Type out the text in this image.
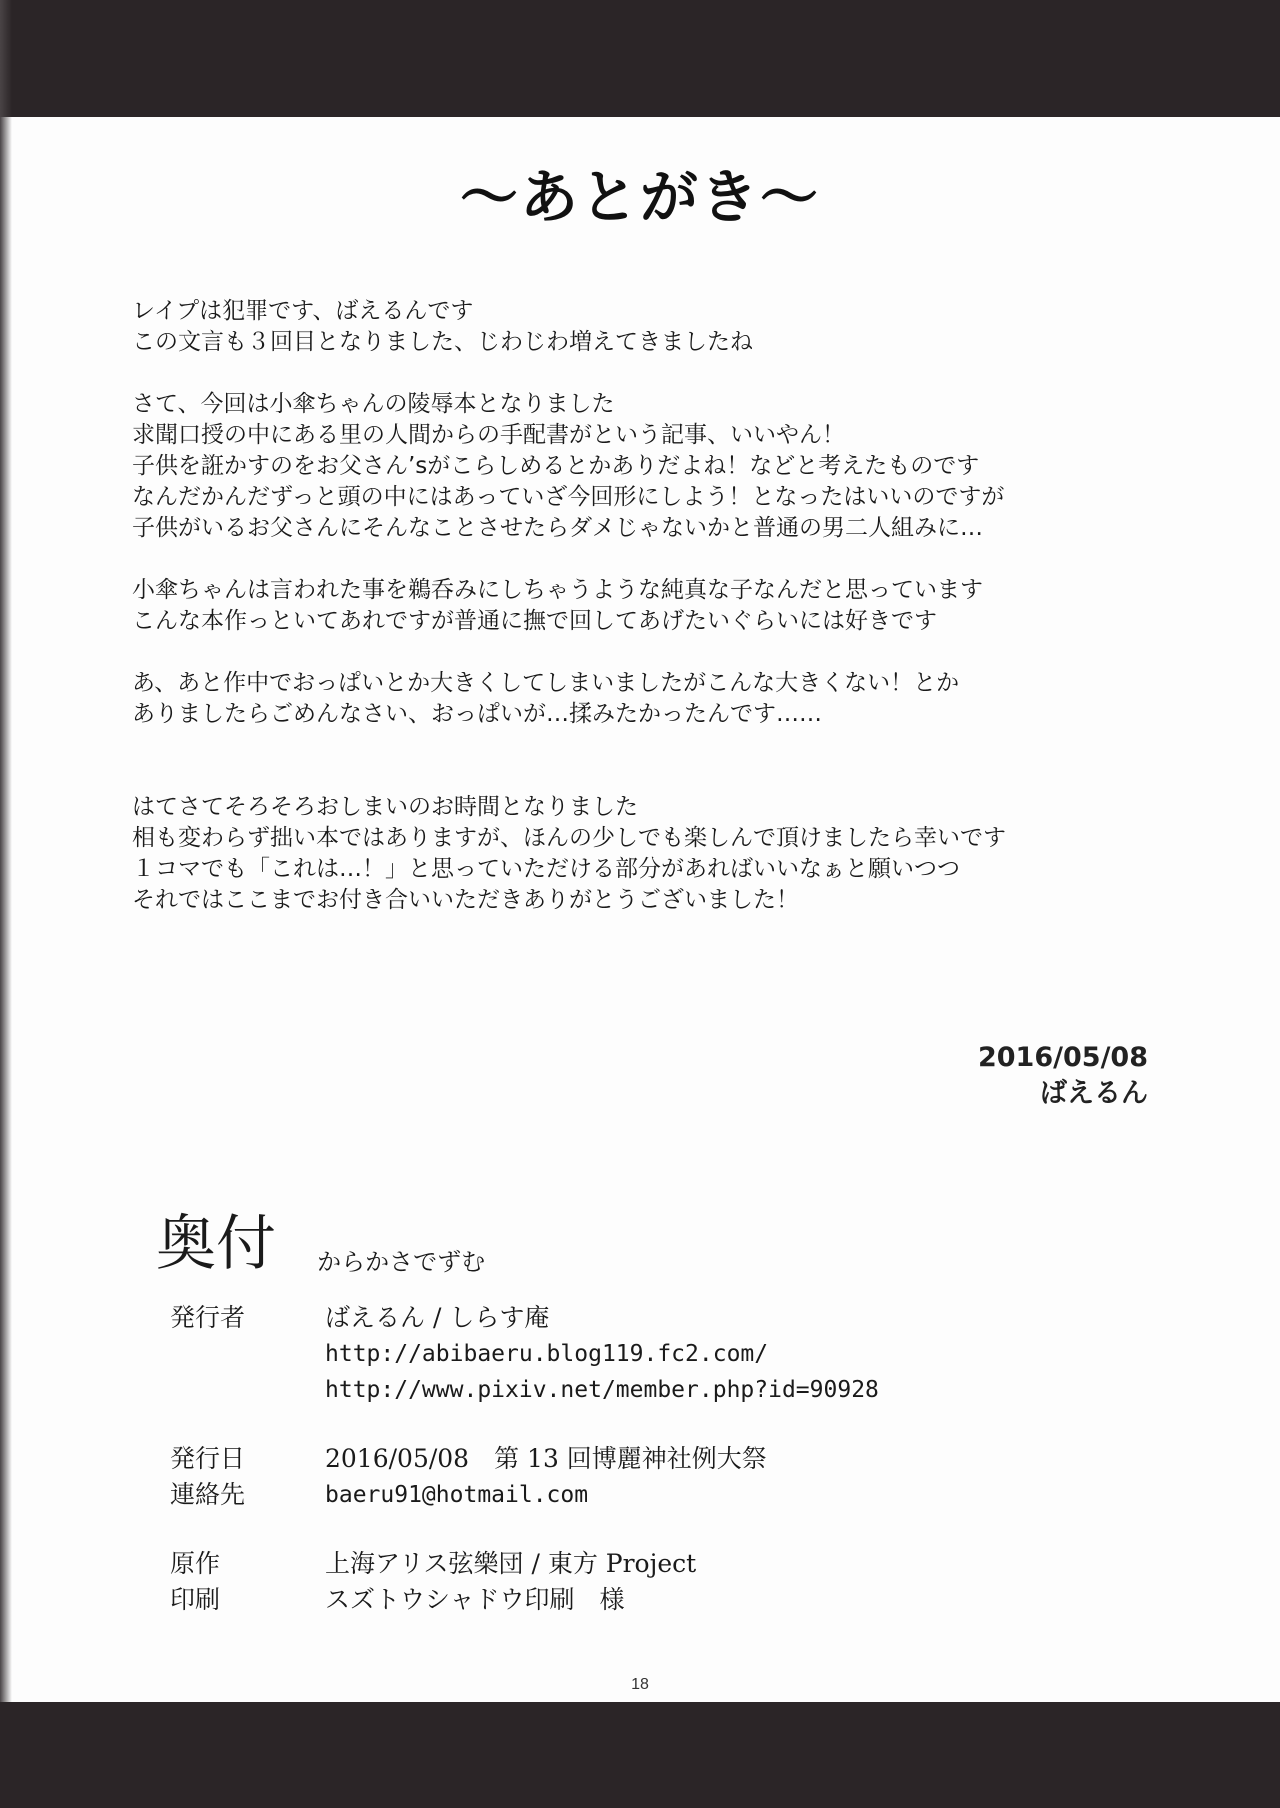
〜あとがき〜

レイプは犯罪です、ばえるんです
この文言も３回目となりました、じわじわ増えてきましたね

さて、今回は小傘ちゃんの陵辱本となりました
求聞口授の中にある里の人間からの手配書がという記事、いいやん！
子供を誑かすのをお父さん’sがこらしめるとかありだよね！などと考えたものです
なんだかんだずっと頭の中にはあっていざ今回形にしよう！となったはいいのですが
子供がいるお父さんにそんなことさせたらダメじゃないかと普通の男二人組みに…

小傘ちゃんは言われた事を鵜呑みにしちゃうような純真な子なんだと思っています
こんな本作っといてあれですが普通に撫で回してあげたいぐらいには好きです

あ、あと作中でおっぱいとか大きくしてしまいましたがこんな大きくない！とか
ありましたらごめんなさい、おっぱいが…揉みたかったんです……

はてさてそろそろおしまいのお時間となりました
相も変わらず拙い本ではありますが、ほんの少しでも楽しんで頂けましたら幸いです
１コマでも「これは…！」と思っていただける部分があればいいなぁと願いつつ
それではここまでお付き合いいただきありがとうございました！

2016/05/08
ばえるん
奥付 からかさでずむ
発行者	ばえるん / しらす庵
http://abibaeru.blog119.fc2.com/
http://www.pixiv.net/member.php?id=90928
発行日	2016/05/08　第 13 回博麗神社例大祭
連絡先	baeru91@hotmail.com
原作	上海アリス弦樂団 / 東方 Project
印刷	スズトウシャドウ印刷　様
18
